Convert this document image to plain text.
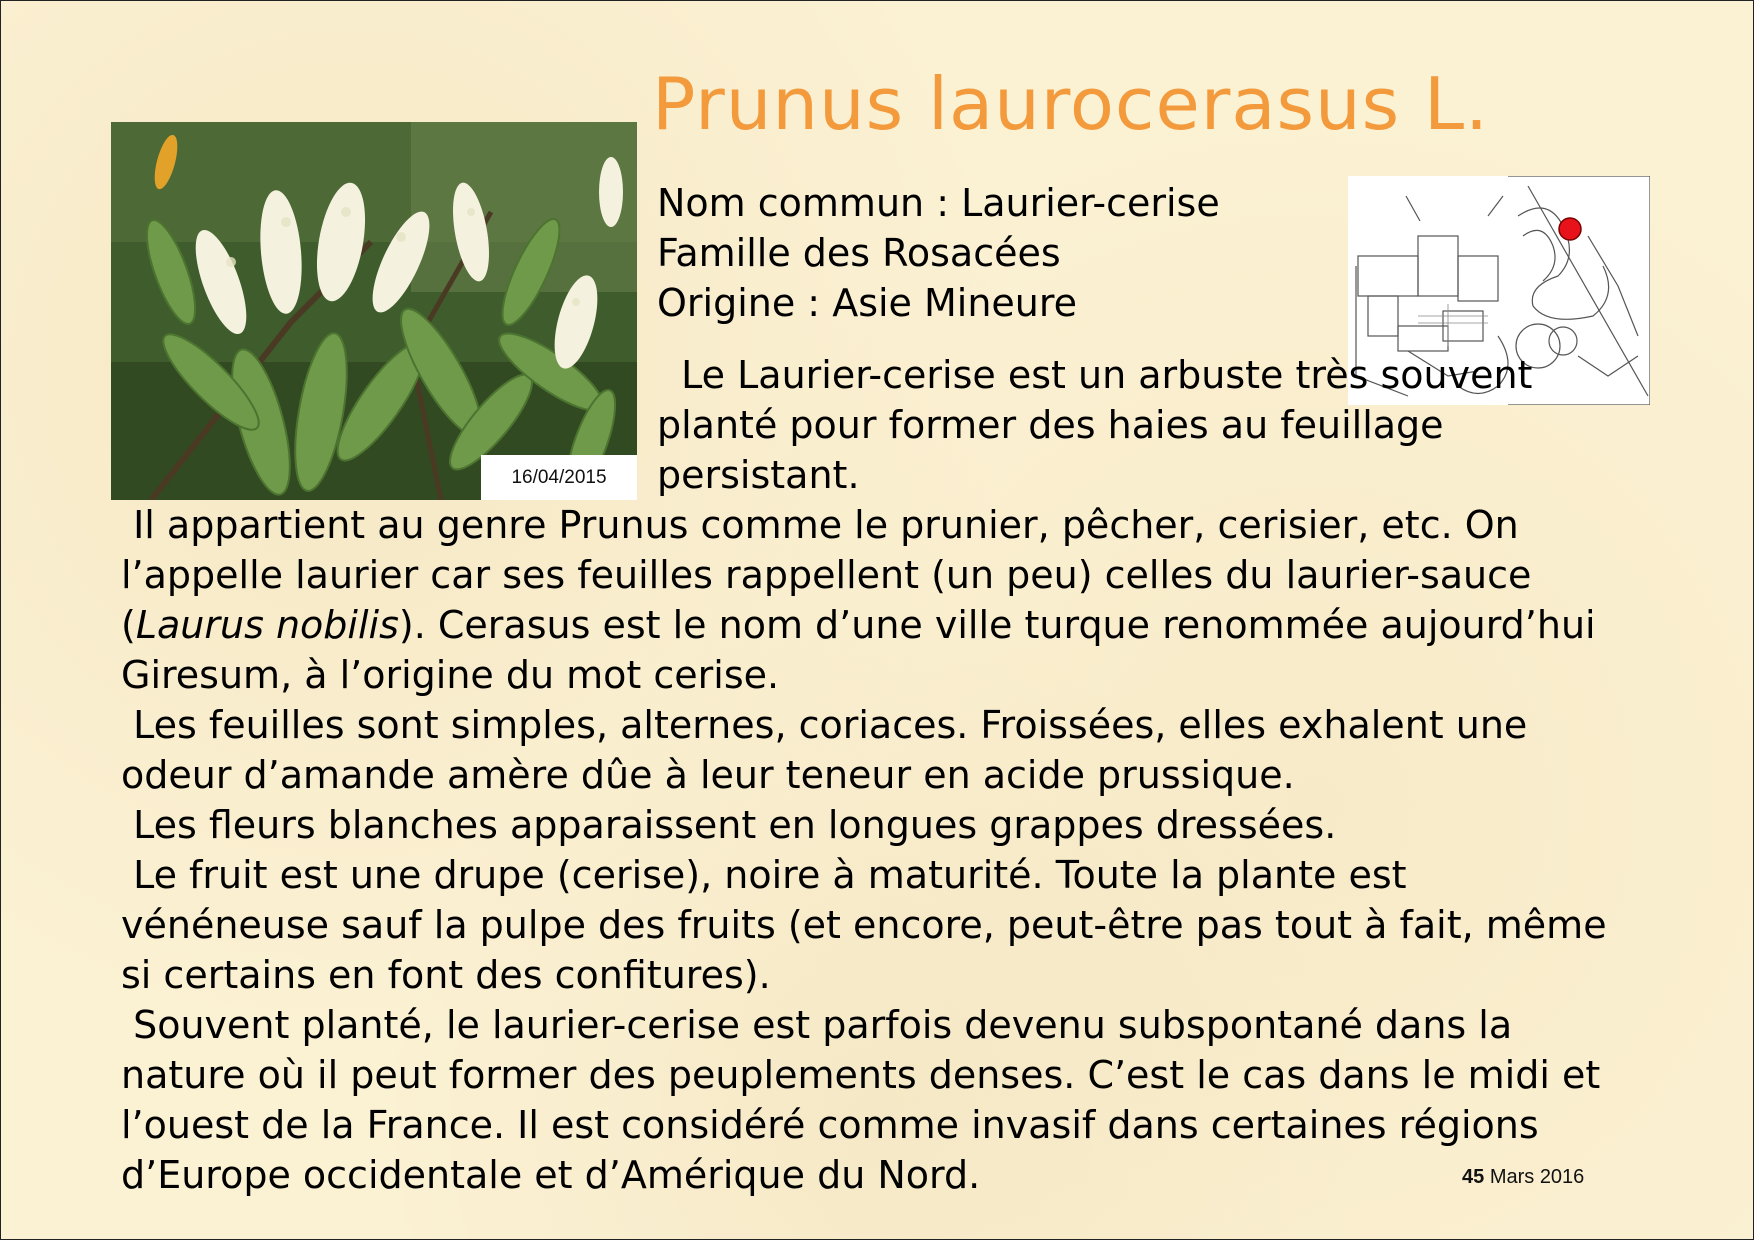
Prunus laurocerasus L.
16/04/2015
Nom commun : Laurier-cerise
Famille des Rosacées
Origine : Asie Mineure
Le Laurier-cerise est un arbuste très souvent
planté pour former des haies au feuillage
persistant.
Il appartient au genre Prunus comme le prunier, pêcher, cerisier, etc. On
l’appelle laurier car ses feuilles rappellent (un peu) celles du laurier-sauce
(Laurus nobilis). Cerasus est le nom d’une ville turque renommée aujourd’hui
Giresum, à l’origine du mot cerise.
Les feuilles sont simples, alternes, coriaces. Froissées, elles exhalent une
odeur d’amande amère dûe à leur teneur en acide prussique.
Les fleurs blanches apparaissent en longues grappes dressées.
Le fruit est une drupe (cerise), noire à maturité. Toute la plante est
vénéneuse sauf la pulpe des fruits (et encore, peut-être pas tout à fait, même
si certains en font des confitures).
Souvent planté, le laurier-cerise est parfois devenu subspontané dans la
nature où il peut former des peuplements denses. C’est le cas dans le midi et
l’ouest de la France. Il est considéré comme invasif dans certaines régions
d’Europe occidentale et d’Amérique du Nord.	45 Mars 2016
